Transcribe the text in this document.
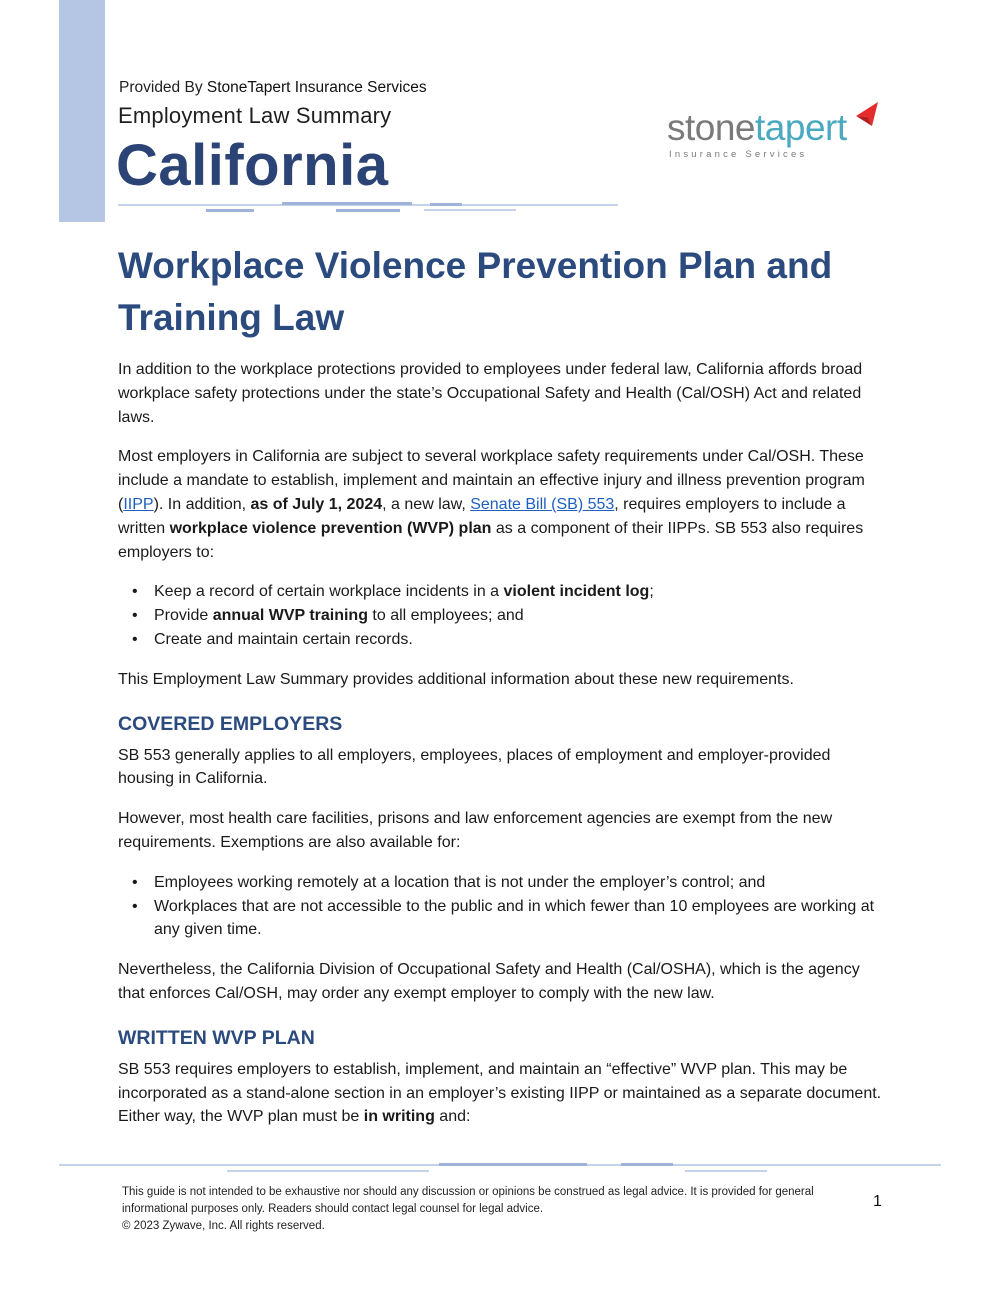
Provided By StoneTapert Insurance Services
Employment Law Summary
California
stonetapert
Insurance Services
Workplace Violence Prevention Plan and Training Law

In addition to the workplace protections provided to employees under federal law, California affords broad workplace safety protections under the state’s Occupational Safety and Health (Cal/OSH) Act and related laws.

Most employers in California are subject to several workplace safety requirements under Cal/OSH. These include a mandate to establish, implement and maintain an effective injury and illness prevention program (IIPP). In addition, as of July 1, 2024, a new law, Senate Bill (SB) 553, requires employers to include a written workplace violence prevention (WVP) plan as a component of their IIPPs. SB 553 also requires employers to:

• Keep a record of certain workplace incidents in a violent incident log;
• Provide annual WVP training to all employees; and
• Create and maintain certain records.

This Employment Law Summary provides additional information about these new requirements.

COVERED EMPLOYERS

SB 553 generally applies to all employers, employees, places of employment and employer-provided housing in California.

However, most health care facilities, prisons and law enforcement agencies are exempt from the new requirements. Exemptions are also available for:

• Employees working remotely at a location that is not under the employer’s control; and
• Workplaces that are not accessible to the public and in which fewer than 10 employees are working at any given time.

Nevertheless, the California Division of Occupational Safety and Health (Cal/OSHA), which is the agency that enforces Cal/OSH, may order any exempt employer to comply with the new law.

WRITTEN WVP PLAN

SB 553 requires employers to establish, implement, and maintain an “effective” WVP plan. This may be incorporated as a stand-alone section in an employer’s existing IIPP or maintained as a separate document. Either way, the WVP plan must be in writing and:

This guide is not intended to be exhaustive nor should any discussion or opinions be construed as legal advice. It is provided for general
informational purposes only. Readers should contact legal counsel for legal advice.
© 2023 Zywave, Inc. All rights reserved.
1
